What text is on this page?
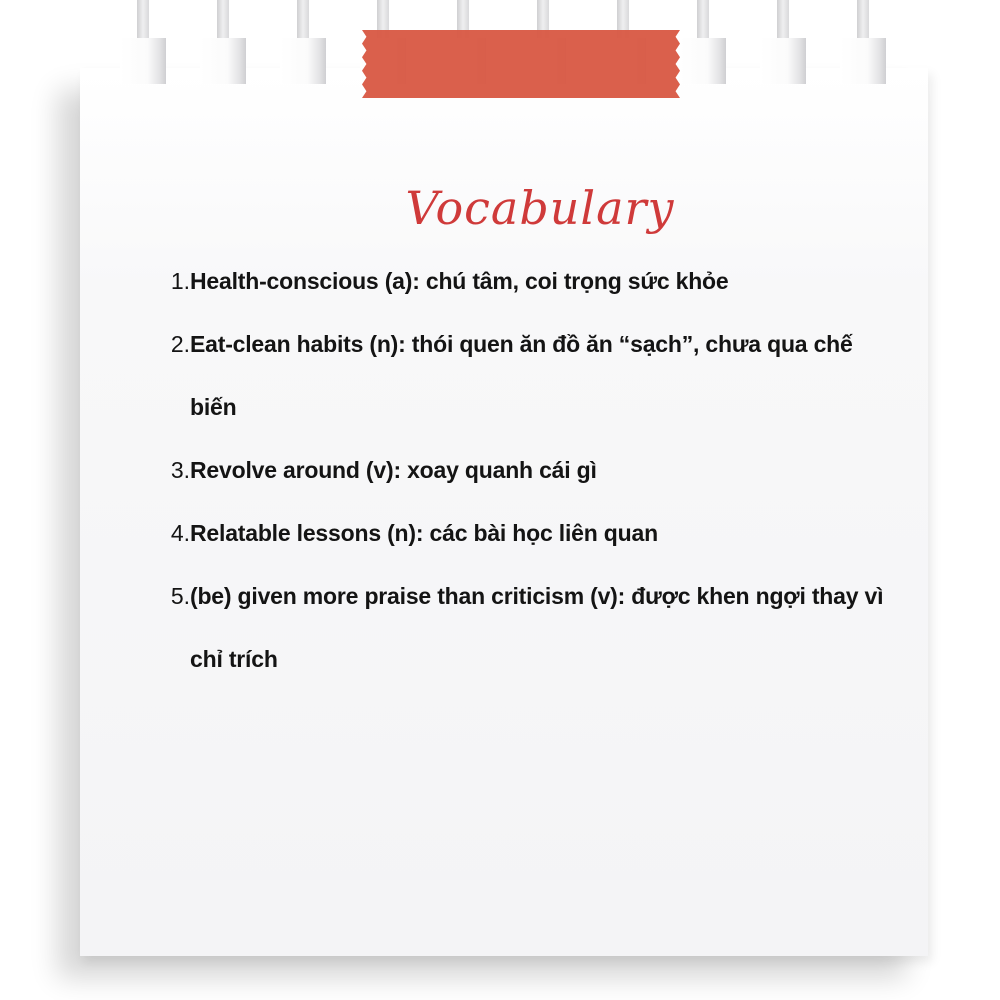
Vocabulary
1. Health-conscious (a): chú tâm, coi trọng sức khỏe
2. Eat-clean habits (n): thói quen ăn đồ ăn “sạch”, chưa qua chế biến
3. Revolve around (v): xoay quanh cái gì
4. Relatable lessons (n): các bài học liên quan
5. (be) given more praise than criticism (v): được khen ngợi thay vì chỉ trích
